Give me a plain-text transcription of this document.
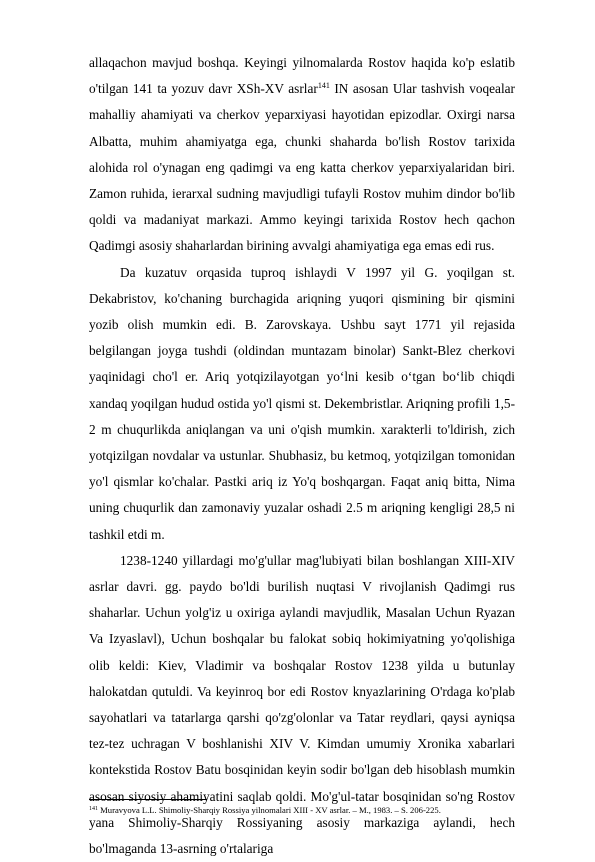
allaqachon mavjud boshqa. Keyingi yilnomalarda Rostov haqida ko'p eslatib o'tilgan 141 ta yozuv davr XSh-XV asrlar$^{141}$ IN asosan Ular tashvish voqealar mahalliy ahamiyati va cherkov yeparxiyasi hayotidan epizodlar. Oxirgi narsa Albatta, muhim ahamiyatga ega, chunki shaharda bo'lish Rostov tarixida alohida rol o'ynagan eng qadimgi va eng katta cherkov yeparxiyalaridan biri. Zamon ruhida, ierarxal sudning mavjudligi tufayli Rostov muhim dindor bo'lib qoldi va madaniyat markazi. Ammo keyingi tarixida Rostov hech qachon Qadimgi asosiy shaharlardan birining avvalgi ahamiyatiga ega emas edi rus.

Da kuzatuv orqasida tuproq ishlaydi V 1997 yil G. yoqilgan st. Dekabristov, ko'chaning burchagida ariqning yuqori qismining bir qismini yozib olish mumkin edi. B. Zarovskaya. Ushbu sayt 1771 yil rejasida belgilangan joyga tushdi (oldindan muntazam binolar) Sankt-Blez cherkovi yaqinidagi cho'l er. Ariq yotqizilayotgan yo‘lni kesib o‘tgan bo‘lib chiqdi xandaq yoqilgan hudud ostida yo'l qismi st. Dekembristlar. Ariqning profili 1,5-2 m chuqurlikda aniqlangan va uni o'qish mumkin. xarakterli to'ldirish, zich yotqizilgan novdalar va ustunlar. Shubhasiz, bu ketmoq, yotqizilgan tomonidan yo'l qismlar ko'chalar. Pastki ariq iz Yo'q boshqargan. Faqat aniq bitta, Nima uning chuqurlik dan zamonaviy yuzalar oshadi 2.5 m ariqning kengligi 28,5 ni tashkil etdi m.

1238-1240 yillardagi mo'g'ullar mag'lubiyati bilan boshlangan XIII-XIV asrlar davri. gg. paydo bo'ldi burilish nuqtasi V rivojlanish Qadimgi rus shaharlar. Uchun yolg'iz u oxiriga aylandi mavjudlik, Masalan Uchun Ryazan Va Izyaslavl), Uchun boshqalar bu falokat sobiq hokimiyatning yo'qolishiga olib keldi: Kiev, Vladimir va boshqalar Rostov 1238 yilda u butunlay halokatdan qutuldi. Va keyinroq bor edi Rostov knyazlarining O'rdaga ko'plab sayohatlari va tatarlarga qarshi qo'zg'olonlar va Tatar reydlari, qaysi ayniqsa tez-tez uchragan V boshlanishi XIV V. Kimdan umumiy Xronika xabarlari kontekstida Rostov Batu bosqinidan keyin sodir bo'lgan deb hisoblash mumkin asosan siyosiy ahamiyatini saqlab qoldi. Mo'g'ul-tatar bosqinidan so'ng Rostov yana Shimoliy-Sharqiy Rossiyaning asosiy markaziga aylandi, hech bo'lmaganda 13-asrning o'rtalariga

$^{141}$ Muravyova L.L. Shimoliy-Sharqiy Rossiya yilnomalari XIII - XV asrlar. – M., 1983. – S. 206-225.
